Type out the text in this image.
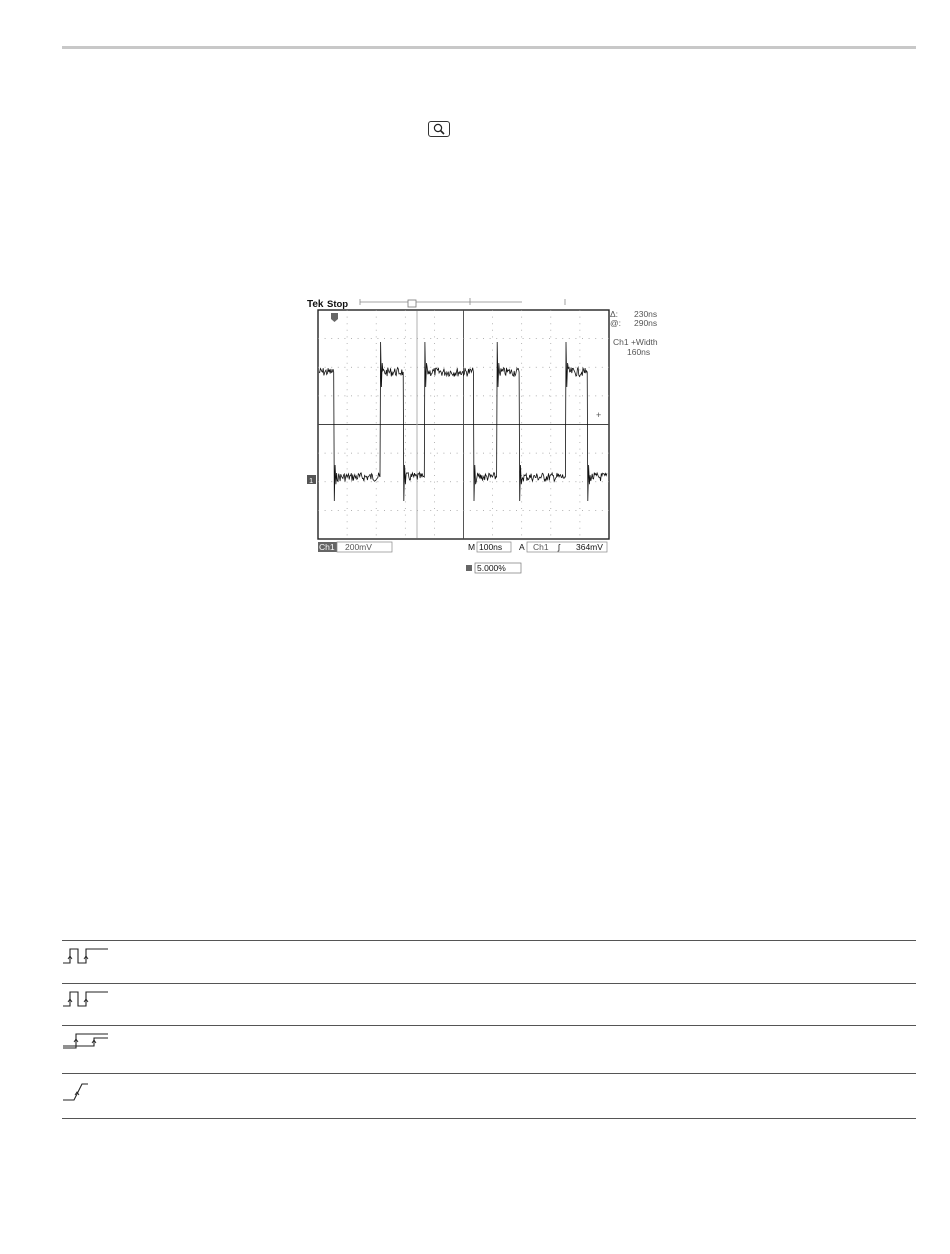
Tek Stop
1
+
Δ: 230ns
@: 290ns
Ch1 +Width
160ns
Ch1 200mV	M 100ns A Ch1 ʃ 364mV
5.000%
